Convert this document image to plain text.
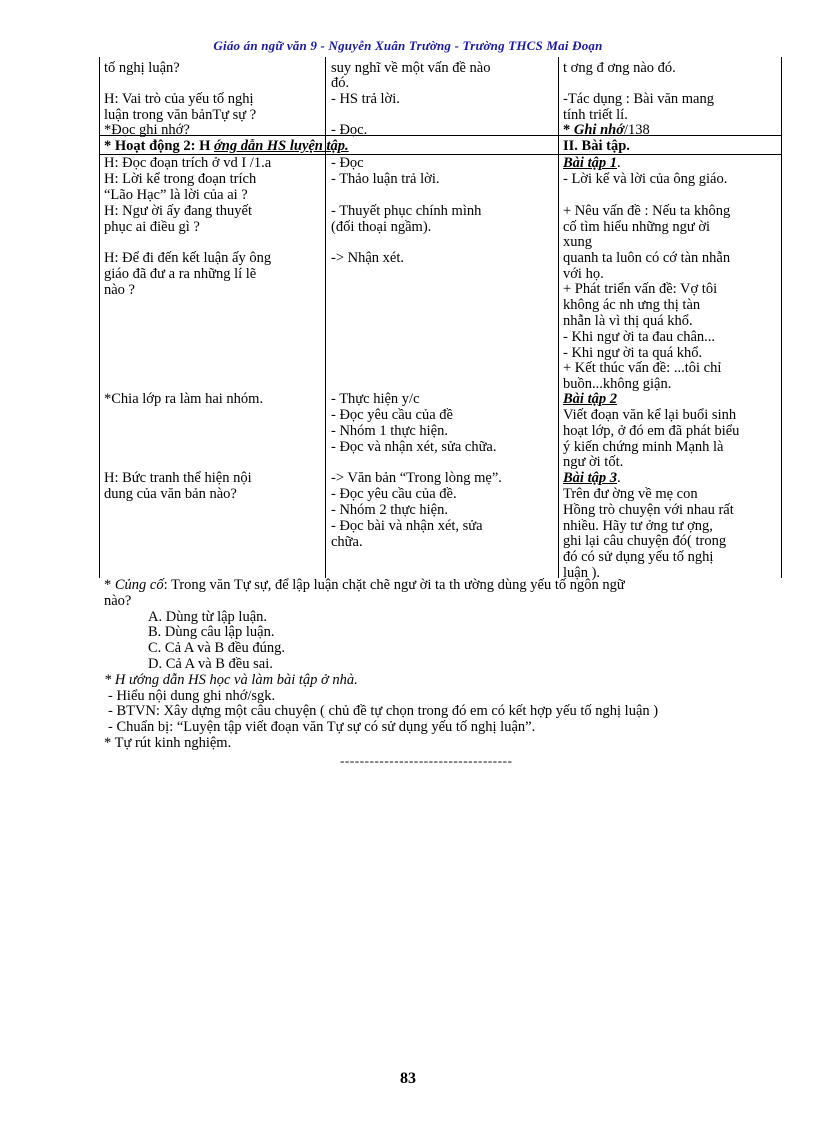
Giáo án ngữ văn 9 - Nguyễn Xuân Trường - Trường THCS Mai Đoạn
tố nghị luận?
H: Vai trò của yếu tố nghị
luận trong văn bảnTự sự ?
*Đọc ghi nhớ?
* Hoạt động 2: H ớng dẫn HS luyện tập.
H: Đọc đoạn trích ở vd I /1.a
H: Lời kể trong đoạn trích
“Lão Hạc” là lời của ai ?
H: Ngư ời ấy đang thuyết
phục ai điều gì ?
H: Để đi đến kết luận ấy ông
giáo đã đư a ra những lí lẽ
nào ?
*Chia lớp ra làm hai nhóm.
H: Bức tranh thể hiện nội
dung của văn bản nào?
suy nghĩ về một vấn đề nào
đó.
- HS trả lời.
- Đọc.
- Đọc
- Thảo luận trả lời.
- Thuyết phục chính mình
(đối thoại ngầm).
-> Nhận xét.
- Thực hiện y/c
- Đọc yêu cầu của đề
- Nhóm 1 thực hiện.
- Đọc và nhận xét, sửa chữa.
-> Văn bản “Trong lòng mẹ”.
- Đọc yêu cầu của đề.
- Nhóm 2 thực hiện.
- Đọc bài và nhận xét, sửa
chữa.
t ơng đ ơng nào đó.
-Tác dụng : Bài văn mang
tính triết lí.
* Ghi nhớ/138
II. Bài tập.
Bài tập 1.
- Lời kể và lời của ông giáo.
+ Nêu vấn đề : Nếu ta không
cố tìm hiểu những ngư ời
xung
quanh ta luôn có cớ tàn nhẫn
với họ.
+ Phát triển vấn đề: Vợ tôi
không ác nh ưng thị tàn
nhẫn là vì thị quá khổ.
- Khi ngư ời ta đau chân...
- Khi ngư ời ta quá khổ.
+ Kết thúc vấn đề: ...tôi chỉ
buồn...không giận.
Bài tập 2
Viết đoạn văn kể lại buổi sinh
hoạt lớp, ở đó em đã phát biểu
ý kiến chứng minh Mạnh là
ngư ời tốt.
Bài tập 3.
Trên đư ờng về mẹ con
Hồng trò chuyện với nhau rất
nhiều. Hãy tư ởng tư ợng,
ghi lại câu chuyện đó( trong
đó có sử dụng yếu tố nghị
luận ).
* Củng cố: Trong văn Tự sự, để lập luận chặt chẽ ngư ời ta th ường dùng yếu tố ngôn ngữ
nào?
A. Dùng từ lập luận.
B. Dùng câu lập luận.
C. Cả A và B đều đúng.
D. Cả A và B đều sai.
* H ướng dẫn HS học và làm bài tập ở nhà.
- Hiểu nội dung ghi nhớ/sgk.
- BTVN: Xây dựng một câu chuyện ( chủ đề tự chọn trong đó em có kết hợp yếu tố nghị luận )
- Chuẩn bị: “Luyện tập viết đoạn văn Tự sự có sử dụng yếu tố nghị luận”.
* Tự rút kinh nghiệm.
-----------------------------------
83
